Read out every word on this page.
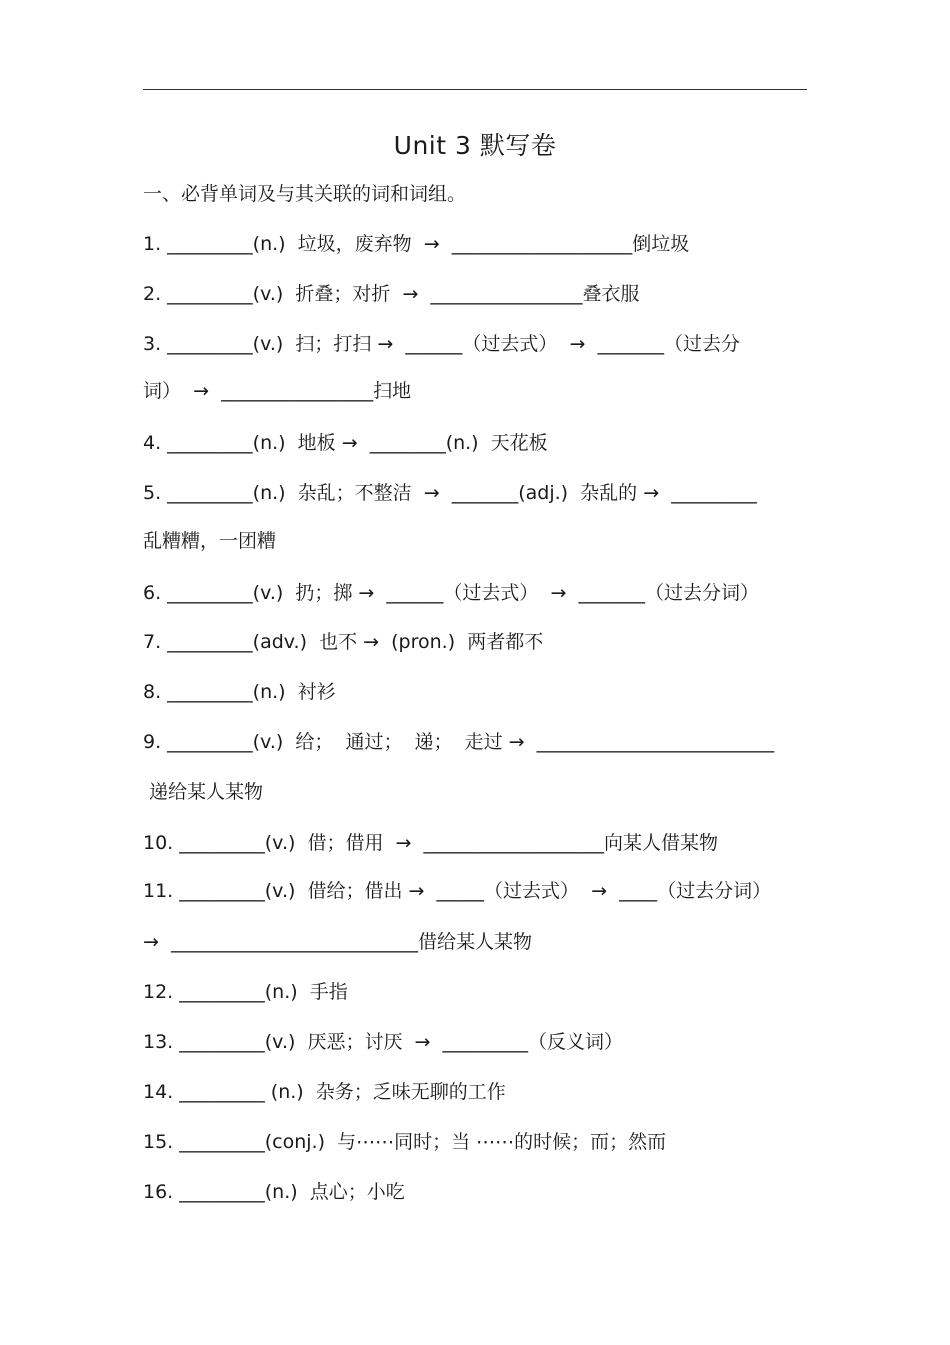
Unit 3 默写卷
一、必背单词及与其关联的词和词组。
1. _________(n.)  垃圾，废弃物  →  ___________________倒垃圾
2. _________(v.)  折叠；对折  →  ________________叠衣服
3. _________(v.)  扫；打扫 →  ______（过去式）  →  _______（过去分
词）  →  ________________扫地
4. _________(n.)  地板 →  ________(n.)  天花板
5. _________(n.)  杂乱；不整洁  →  _______(adj.)  杂乱的 →  _________
乱糟糟，一团糟
6. _________(v.)  扔；掷 →  ______（过去式）  →  _______（过去分词）
7. _________(adv.)  也不 →  (pron.)  两者都不
8. _________(n.)  衬衫
9. _________(v.)  给；  通过；  递；  走过 →  _________________________
递给某人某物
10. _________(v.)  借；借用  →  ___________________向某人借某物
11. _________(v.)  借给；借出 →  _____（过去式）  →  ____（过去分词）
→  __________________________借给某人某物
12. _________(n.)  手指
13. _________(v.)  厌恶；讨厌  →  _________（反义词）
14. _________ (n.)  杂务；乏味无聊的工作
15. _________(conj.)  与⋯⋯同时；当 ⋯⋯的时候；而；然而
16. _________(n.)  点心；小吃
